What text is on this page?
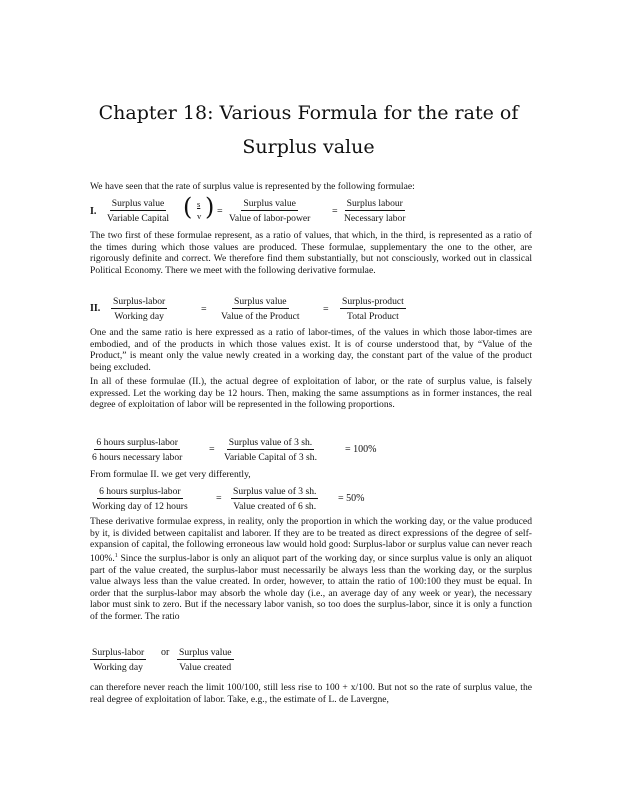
Chapter 18: Various Formula for the rate of
Surplus value

We have seen that the rate of surplus value is represented by the following formulae:

I. $\frac{\text{Surplus value}}{\text{Variable Capital}}$ ( s
v ) = $\frac{\text{Surplus value}}{\text{Value of labor-power}} = \frac{\text{Surplus labour}}{\text{Necessary labor}}$

The two first of these formulae represent, as a ratio of values, that which, in the third, is represented as a ratio of the times during which those values are produced. These formulae, supplementary the one to the other, are rigorously definite and correct. We therefore find them substantially, but not consciously, worked out in classical Political Economy. There we meet with the following derivative formulae.

II. $\frac{\text{Surplus-labor}}{\text{Working day}}$	= $\frac{\text{Surplus value}}{\text{Value of the Product}} = \frac{\text{Surplus-product}}{\text{Total Product}}$

One and the same ratio is here expressed as a ratio of labor-times, of the values in which those labor-times are embodied, and of the products in which those values exist. It is of course understood that, by “Value of the Product,” is meant only the value newly created in a working day, the constant part of the value of the product being excluded.

In all of these formulae (II.), the actual degree of exploitation of labor, or the rate of surplus value, is falsely expressed. Let the working day be 12 hours. Then, making the same assumptions as in former instances, the real degree of exploitation of labor will be represented in the following proportions.

$\frac{\text{6 hours surplus-labor}}{\text{6 hours necessary labor}}$	= $\frac{\text{Surplus value of 3 sh.}}{\text{Variable Capital of 3 sh.}}$	= 100%

From formulae II. we get very differently,

$\frac{\text{6 hours surplus-labor}}{\text{Working day of 12 hours}}$	= $\frac{\text{Surplus value of 3 sh.}}{\text{Value created of 6 sh.}} = 50\%$

These derivative formulae express, in reality, only the proportion in which the working day, or the value produced by it, is divided between capitalist and laborer. If they are to be treated as direct expressions of the degree of self-expansion of capital, the following erroneous law would hold good: Surplus-labor or surplus value can never reach 100%.$^1$ Since the surplus-labor is only an aliquot part of the working day, or since surplus value is only an aliquot part of the value created, the surplus-labor must necessarily be always less than the working day, or the surplus value always less than the value created. In order, however, to attain the ratio of 100:100 they must be equal. In order that the surplus-labor may absorb the whole day (i.e., an average day of any week or year), the necessary labor must sink to zero. But if the necessary labor vanish, so too does the surplus-labor, since it is only a function of the former. The ratio

$\frac{\text{Surplus-labor}}{\text{Working day}}$ or $\frac{\text{Surplus value}}{\text{Value created}}$

can therefore never reach the limit 100/100, still less rise to 100 + x/100. But not so the rate of surplus value, the real degree of exploitation of labor. Take, e.g., the estimate of L. de Lavergne,
